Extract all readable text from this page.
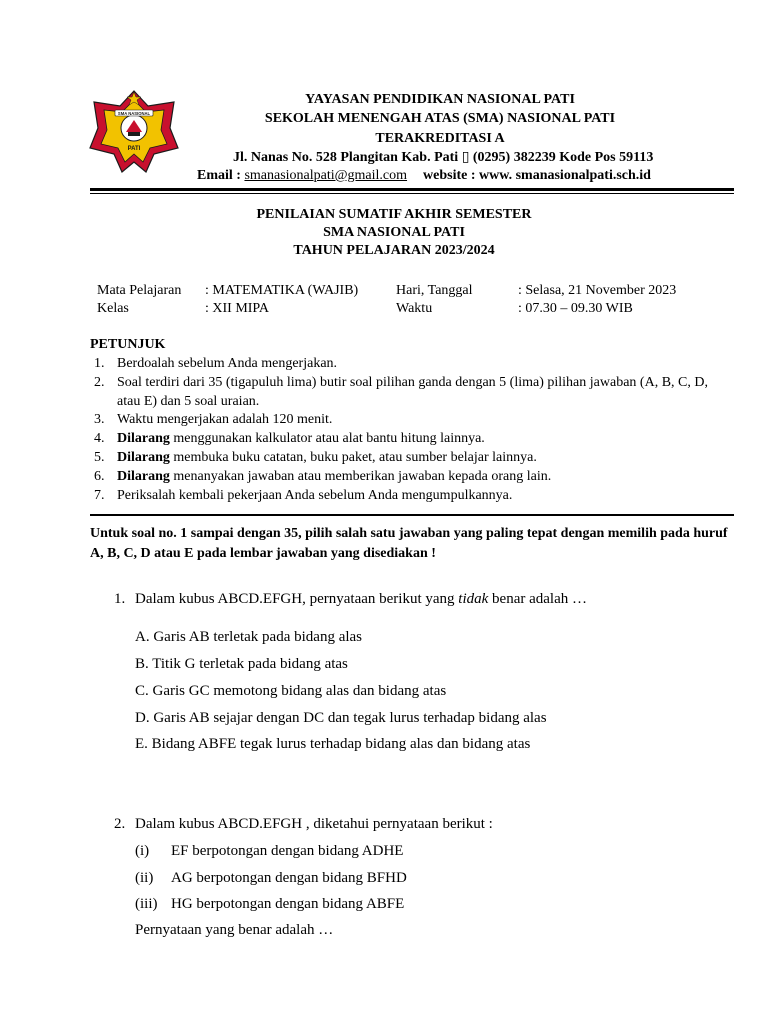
SMA NASIONAL
PATI
YAYASAN PENDIDIKAN NASIONAL PATI
SEKOLAH MENENGAH ATAS (SMA) NASIONAL PATI
TERAKREDITASI A
Jl. Nanas No. 528 Plangitan Kab. Pati ▯ (0295) 382239 Kode Pos 59113
Email : smanasionalpati@gmail.com website : www. smanasionalpati.sch.id
PENILAIAN SUMATIF AKHIR SEMESTER
SMA NASIONAL PATI
TAHUN PELAJARAN 2023/2024
Mata Pelajaran : MATEMATIKA (WAJIB)	Hari, Tanggal	: Selasa, 21 November 2023
Kelas	: XII MIPA	Waktu	: 07.30 – 09.30 WIB
PETUNJUK
1. Berdoalah sebelum Anda mengerjakan.
2. Soal terdiri dari 35 (tigapuluh lima) butir soal pilihan ganda dengan 5 (lima) pilihan jawaban (A, B, C, D, atau E) dan 5 soal uraian.
3. Waktu mengerjakan adalah 120 menit.
4. Dilarang menggunakan kalkulator atau alat bantu hitung lainnya.
5. Dilarang membuka buku catatan, buku paket, atau sumber belajar lainnya.
6. Dilarang menanyakan jawaban atau memberikan jawaban kepada orang lain.
7. Periksalah kembali pekerjaan Anda sebelum Anda mengumpulkannya.
Untuk soal no. 1 sampai dengan 35, pilih salah satu jawaban yang paling tepat dengan memilih pada huruf A, B, C, D atau E pada lembar jawaban yang disediakan !
1. Dalam kubus ABCD.EFGH, pernyataan berikut yang tidak benar adalah …
A. Garis AB terletak pada bidang alas
B. Titik G terletak pada bidang atas
C. Garis GC memotong bidang alas dan bidang atas
D. Garis AB sejajar dengan DC dan tegak lurus terhadap bidang alas
E. Bidang ABFE tegak lurus terhadap bidang alas dan bidang atas
2. Dalam kubus ABCD.EFGH , diketahui pernyataan berikut :
(i) EF berpotongan dengan bidang ADHE
(ii) AG berpotongan dengan bidang BFHD
(iii) HG berpotongan dengan bidang ABFE
Pernyataan yang benar adalah …
